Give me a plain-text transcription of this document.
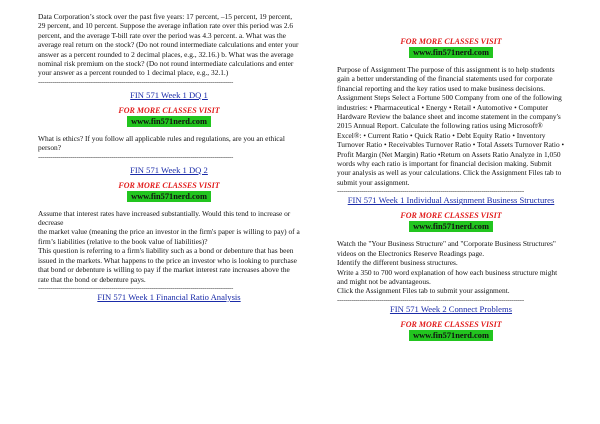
Data Corporation’s stock over the past five years: 17 percent, –15 percent, 19 percent, 29 percent, and 10 percent. Suppose the average inflation rate over this period was 2.6 percent, and the average T-bill rate over the period was 4.3 percent. a. What was the average real return on the stock? (Do not round intermediate calculations and enter your answer as a percent rounded to 2 decimal places, e.g., 32.16.) b. What was the average nominal risk premium on the stock? (Do not round intermediate calculations and enter your answer as a percent rounded to 1 decimal place, e.g., 32.1.)

------------------------------------------------------------------------------------------------
FIN 571 Week 1 DQ 1
FOR MORE CLASSES VISIT
www.fin571nerd.com

What is ethics? If you follow all applicable rules and regulations, are you an ethical person?

------------------------------------------------------------------------------------------------
FIN 571 Week 1 DQ 2
FOR MORE CLASSES VISIT
www.fin571nerd.com

Assume that interest rates have increased substantially. Would this tend to increase or decrease

the market value (meaning the price an investor in the firm's paper is willing to pay) of a firm’s liabilities (relative to the book value of liabilities)?

This question is referring to a firm's liability such as a bond or debenture that has been issued in the markets. What happens to the price an investor who is looking to purchase that bond or debenture is willing to pay if the market interest rate increases above the rate that the bond or debenture pays.

------------------------------------------------------------------------------------------------
FIN 571 Week 1 Financial Ratio Analysis
FOR MORE CLASSES VISIT
www.fin571nerd.com

Purpose of Assignment The purpose of this assignment is to help students gain a better understanding of the financial statements used for corporate financial reporting and the key ratios used to make business decisions. Assignment Steps Select a Fortune 500 Company from one of the following industries: • Pharmaceutical • Energy • Retail • Automotive • Computer Hardware Review the balance sheet and income statement in the company's 2015 Annual Report. Calculate the following ratios using Microsoft® Excel®: • Current Ratio • Quick Ratio • Debt Equity Ratio • Inventory Turnover Ratio • Receivables Turnover Ratio • Total Assets Turnover Ratio • Profit Margin (Net Margin) Ratio •Return on Assets Ratio Analyze in 1,050 words why each ratio is important for financial decision making. Submit your analysis as well as your calculations. Click the Assignment Files tab to submit your assignment.

--------------------------------------------------------------------------------------------
FIN 571 Week 1 Individual Assignment Business Structures
FOR MORE CLASSES VISIT
www.fin571nerd.com

Watch the "Your Business Structure" and "Corporate Business Structures" videos on the Electronics Reserve Readings page.

Identify the different business structures.

Write a 350 to 700 word explanation of how each business structure might and might not be advantageous.

Click the Assignment Files tab to submit your assignment.

--------------------------------------------------------------------------------------------
FIN 571 Week 2 Connect Problems
FOR MORE CLASSES VISIT
www.fin571nerd.com
